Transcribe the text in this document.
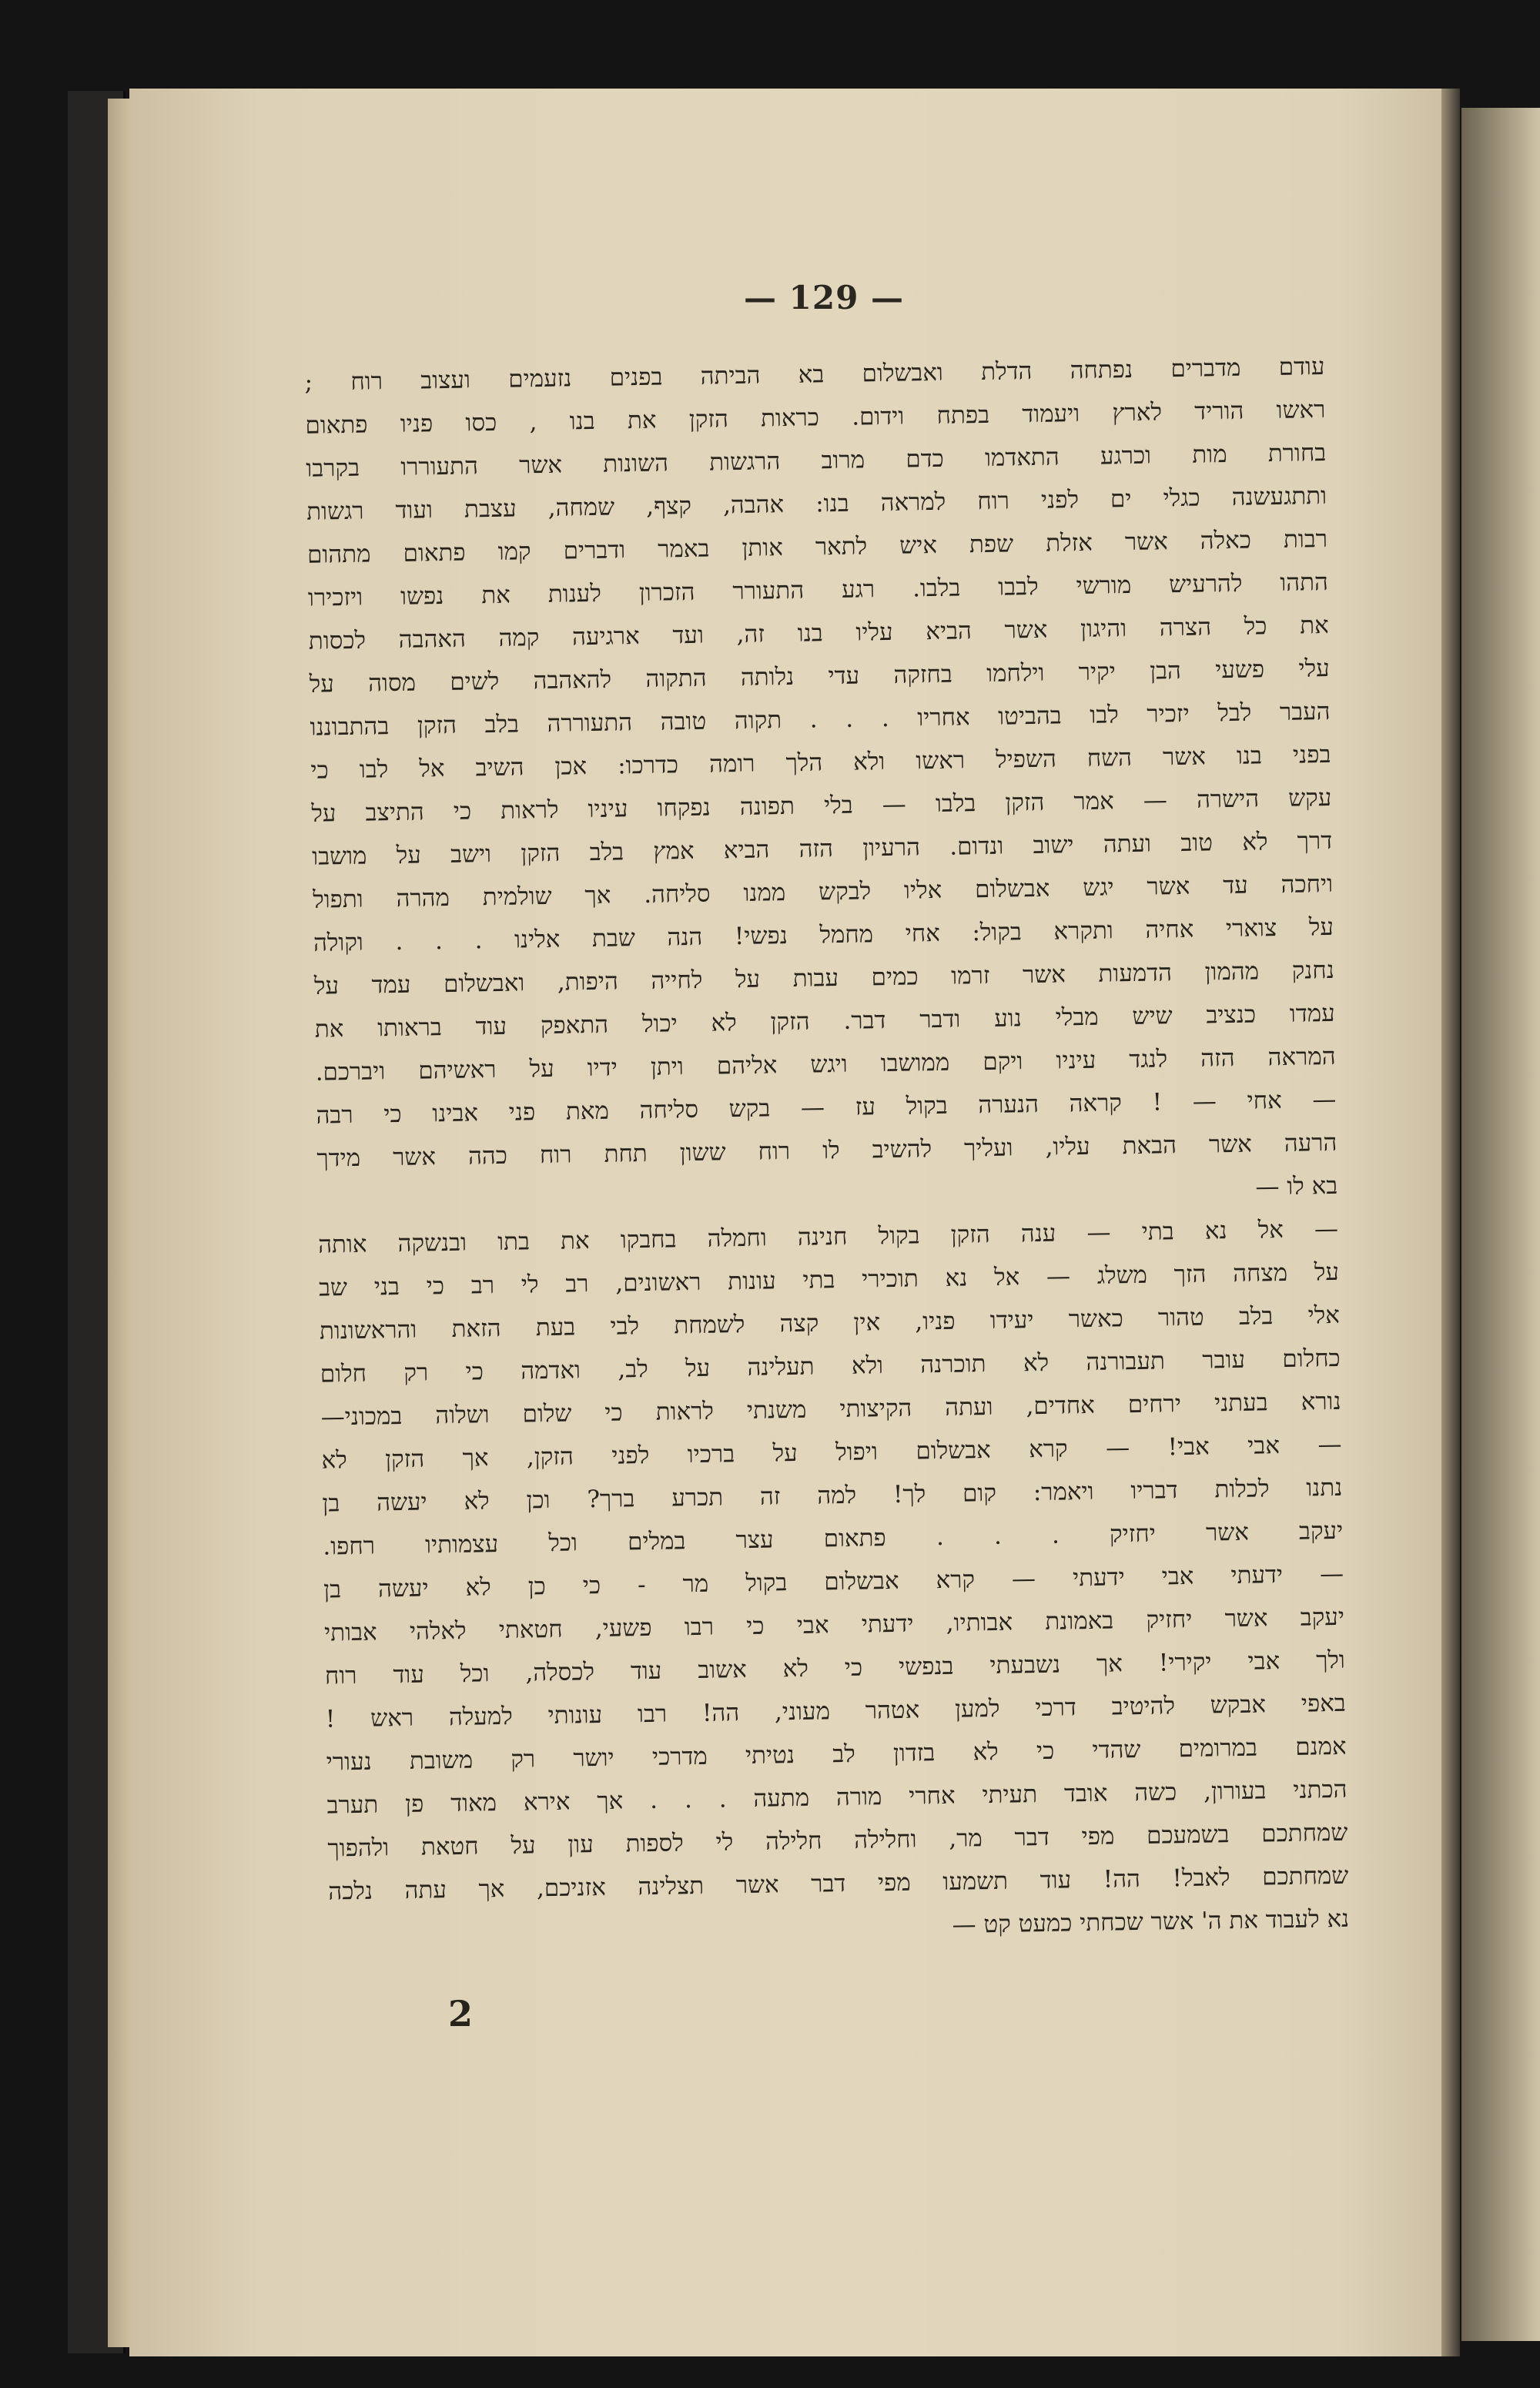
— 129 —
עודם מדברים נפתחה הדלת ואבשלום בא הביתה בפנים נזעמים ועצוב רוח ;
ראשו הוריד לארץ ויעמוד בפתח וידום. כראות הזקן את בנו , כסו פניו פתאום
בחורת מות וכרגע התאדמו כדם מרוב הרגשות השונות אשר התעוררו בקרבו
ותתגעשנה כגלי ים לפני רוח למראה בנו: אהבה, קצף, שמחה, עצבת ועוד רגשות
רבות כאלה אשר אזלת שפת איש לתאר אותן באמר ודברים קמו פתאום מתהום
התהו להרעיש מורשי לבבו בלבו. רגע התעורר הזכרון לענות את נפשו ויזכירו
את כל הצרה והיגון אשר הביא עליו בנו זה, ועד ארגיעה קמה האהבה לכסות
עלי פשעי הבן יקיר וילחמו בחזקה עדי נלותה התקוה להאהבה לשים מסוה על
העבר לבל יזכיר לבו בהביטו אחריו . . . תקוה טובה התעוררה בלב הזקן בהתבוננו
בפני בנו אשר השח השפיל ראשו ולא הלך רומה כדרכו: אכן השיב אל לבו כי
עקש הישרה — אמר הזקן בלבו — בלי תפונה נפקחו עיניו לראות כי התיצב על
דרך לא טוב ועתה ישוב ונדום. הרעיון הזה הביא אמץ בלב הזקן וישב על מושבו
ויחכה עד אשר יגש אבשלום אליו לבקש ממנו סליחה. אך שולמית מהרה ותפול
על צוארי אחיה ותקרא בקול: אחי מחמל נפשי! הנה שבת אלינו . . . וקולה
נחנק מהמון הדמעות אשר זרמו כמים עבות על לחייה היפות, ואבשלום עמד על
עמדו כנציב שיש מבלי נוע ודבר דבר. הזקן לא יכול התאפק עוד בראותו את
המראה הזה לנגד עיניו ויקם ממושבו ויגש אליהם ויתן ידיו על ראשיהם ויברכם.
— אחי — ! קראה הנערה בקול עז — בקש סליחה מאת פני אבינו כי רבה
הרעה אשר הבאת עליו, ועליך להשיב לו רוח ששון תחת רוח כהה אשר מידך
בא לו —
— אל נא בתי — ענה הזקן בקול חנינה וחמלה בחבקו את בתו ובנשקה אותה
על מצחה הזך משלג — אל נא תוכירי בתי עונות ראשונים, רב לי רב כי בני שב
אלי בלב טהור כאשר יעידו פניו, אין קצה לשמחת לבי בעת הזאת והראשונות
כחלום עובר תעבורנה לא תוכרנה ולא תעלינה על לב, ואדמה כי רק חלום
נורא בעתני ירחים אחדים, ועתה הקיצותי משנתי לראות כי שלום ושלוה במכוני—
— אבי אבי! — קרא אבשלום ויפול על ברכיו לפני הזקן, אך הזקן לא
נתנו לכלות דבריו ויאמר: קום לך! למה זה תכרע ברך? וכן לא יעשה בן
יעקב אשר יחזיק . . . פתאום עצר במלים וכל עצמותיו רחפו.
— ידעתי אבי ידעתי — קרא אבשלום בקול מר - כי כן לא יעשה בן
יעקב אשר יחזיק באמונת אבותיו, ידעתי אבי כי רבו פשעי, חטאתי לאלהי אבותי
ולך אבי יקירי! אך נשבעתי בנפשי כי לא אשוב עוד לכסלה, וכל עוד רוח
באפי אבקש להיטיב דרכי למען אטהר מעוני, הה! רבו עונותי למעלה ראש !
אמנם במרומים שהדי כי לא בזדון לב נטיתי מדרכי יושר רק משובת נעורי
הכתני בעורון, כשה אובד תעיתי אחרי מורה מתעה . . . אך אירא מאוד פן תערב
שמחתכם בשמעכם מפי דבר מר, וחלילה חלילה לי לספות עון על חטאת ולהפוך
שמחתכם לאבל! הה! עוד תשמעו מפי דבר אשר תצלינה אזניכם, אך עתה נלכה
נא לעבוד את ה' אשר שכחתי כמעט קט —
2
